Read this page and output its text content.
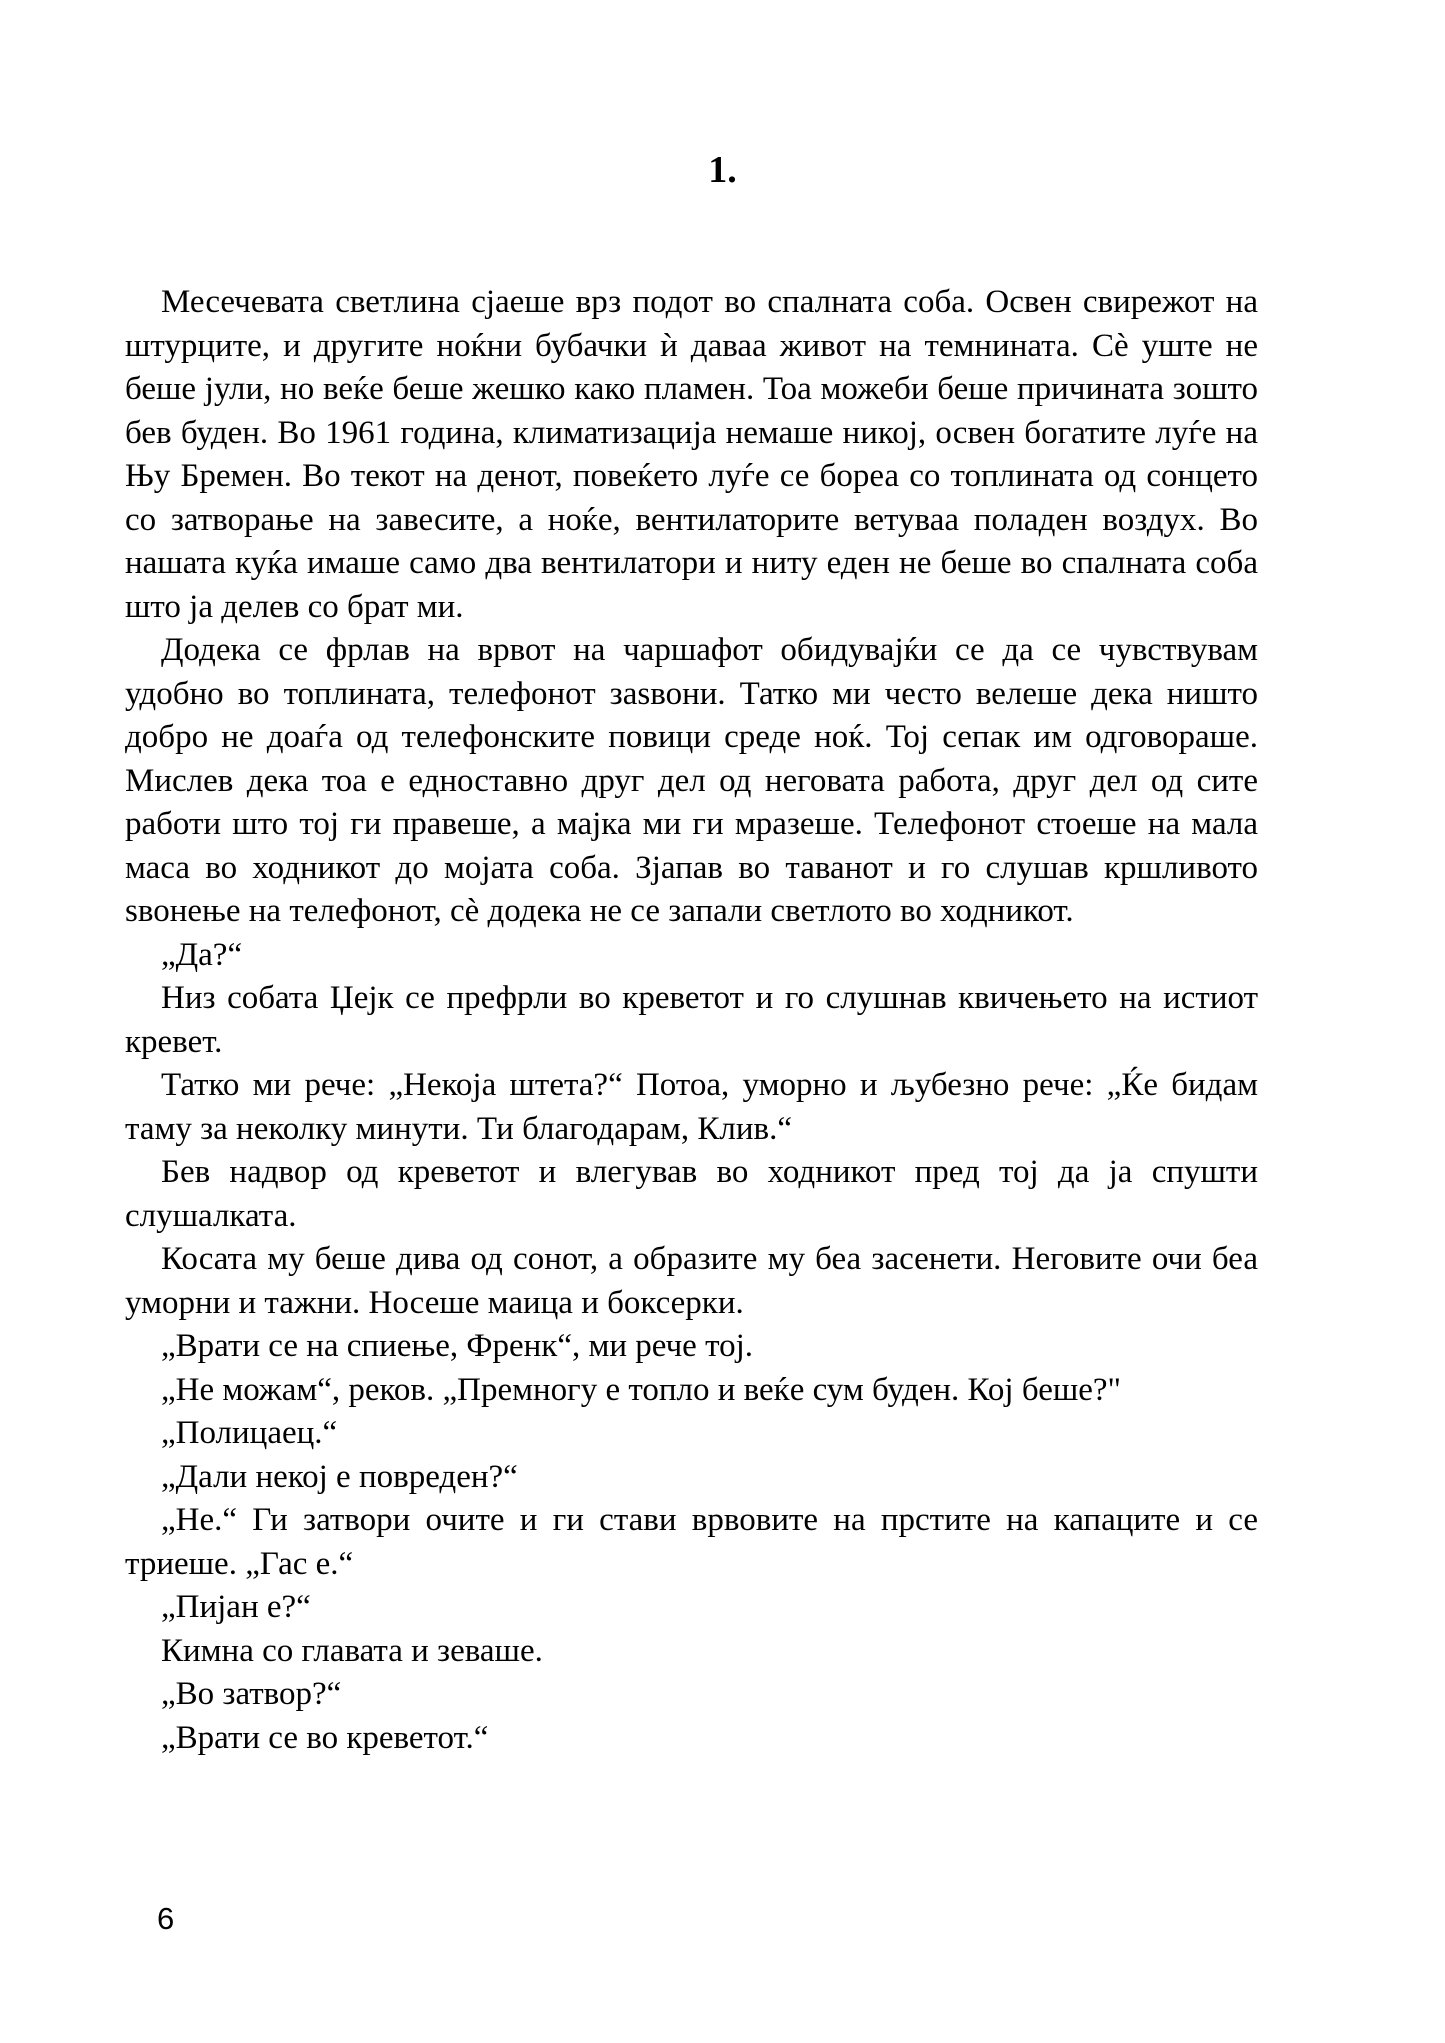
1.

Месечевата светлина сјаеше врз подот во спалната соба. Освен свирежот на штурците, и другите ноќни бубачки ѝ даваа живот на темнината. Сè уште не беше јули, но веќе беше жешко како пламен. Тоа можеби беше причината зошто бев буден. Во 1961 година, климатизација немаше никој, освен богатите луѓе на Њу Бремен. Во текот на денот, повеќето луѓе се бореа со топлината од сонцето со затворање на завесите, а ноќе, вентилаторите ветуваа поладен воздух. Во нашата куќа имаше само два вентилатори и ниту еден не беше во спалната соба што ја делев со брат ми.

Додека се фрлав на врвот на чаршафот обидувајќи се да се чувствувам удобно во топлината, телефонот заѕвони. Татко ми често велеше дека ништо добро не доаѓа од телефонските повици среде ноќ. Тој сепак им одговораше. Мислев дека тоа е едноставно друг дел од неговата работа, друг дел од сите работи што тој ги правеше, а мајка ми ги мразеше. Телефонот стоеше на мала маса во ходникот до мојата соба. Зјапав во таванот и го слушав кршливото ѕвонење на телефонот, сè додека не се запали светлото во ходникот.

„Да?“

Низ собата Џејк се префрли во креветот и го слушнав квичењето на истиот кревет.

Татко ми рече: „Некоја штета?“ Потоа, уморно и љубезно рече: „Ќе бидам таму за неколку минути. Ти благодарам, Клив.“

Бев надвор од креветот и влегував во ходникот пред тој да ја спушти слушалката.

Косата му беше дива од сонот, а образите му беа засенети. Неговите очи беа уморни и тажни. Носеше маица и боксерки.

„Врати се на спиење, Френк“, ми рече тој.

„Не можам“, реков. „Премногу е топло и веќе сум буден. Кој беше?"

„Полицаец.“

„Дали некој е повреден?“

„Не.“ Ги затвори очите и ги стави врвовите на прстите на капаците и се триеше. „Гас е.“

„Пијан е?“

Кимна со главата и зеваше.

„Во затвор?“

„Врати се во креветот.“

6
